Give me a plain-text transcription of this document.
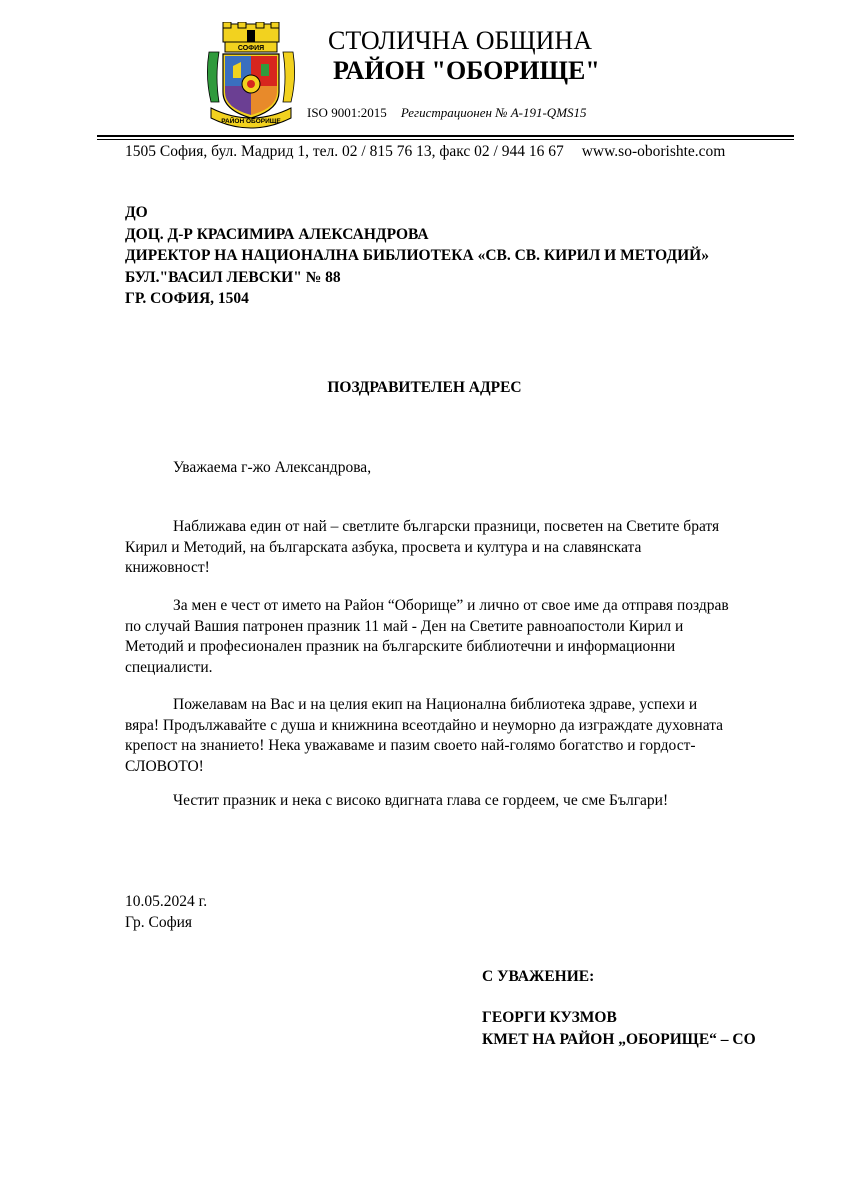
СОФИЯ
РАЙОН ОБОРИЩЕ
СТОЛИЧНА ОБЩИНА
РАЙОН "ОБОРИЩЕ"
ISO 9001:2015 Регистрационен № А-191-QMS15
1505 София, бул. Мадрид 1, тел. 02 / 815 76 13, факс 02 / 944 16 67 www.so-oborishte.com
ДО
ДОЦ. Д-Р КРАСИМИРА АЛЕКСАНДРОВА
ДИРЕКТОР НА НАЦИОНАЛНА БИБЛИОТЕКА «СВ. СВ. КИРИЛ И МЕТОДИЙ»
БУЛ."ВАСИЛ ЛЕВСКИ" № 88
ГР. СОФИЯ, 1504
ПОЗДРАВИТЕЛЕН АДРЕС
Уважаема г-жо Александрова,
Наближава един от най – светлите български празници, посветен на Светите братя
Кирил и Методий, на българската азбука, просвета и култура и на славянската
книжовност!
За мен е чест от името на Район “Оборище” и лично от свое име да отправя поздрав
по случай Вашия патронен празник 11 май - Ден на Светите равноапостоли Кирил и
Методий и професионален празник на българските библиотечни и информационни
специалисти.
Пожелавам на Вас и на целия екип на Национална библиотека здраве, успехи и
вяра! Продължавайте с душа и книжнина всеотдайно и неуморно да изграждате духовната
крепост на знанието! Нека уважаваме и пазим своето най-голямо богатство и гордост-
СЛОВОТО!
Честит празник и нека с високо вдигната глава се гордеем, че сме Българи!
10.05.2024 г.
Гр. София
С УВАЖЕНИЕ:
ГЕОРГИ КУЗМОВ
КМЕТ НА РАЙОН „ОБОРИЩЕ“ – СО
